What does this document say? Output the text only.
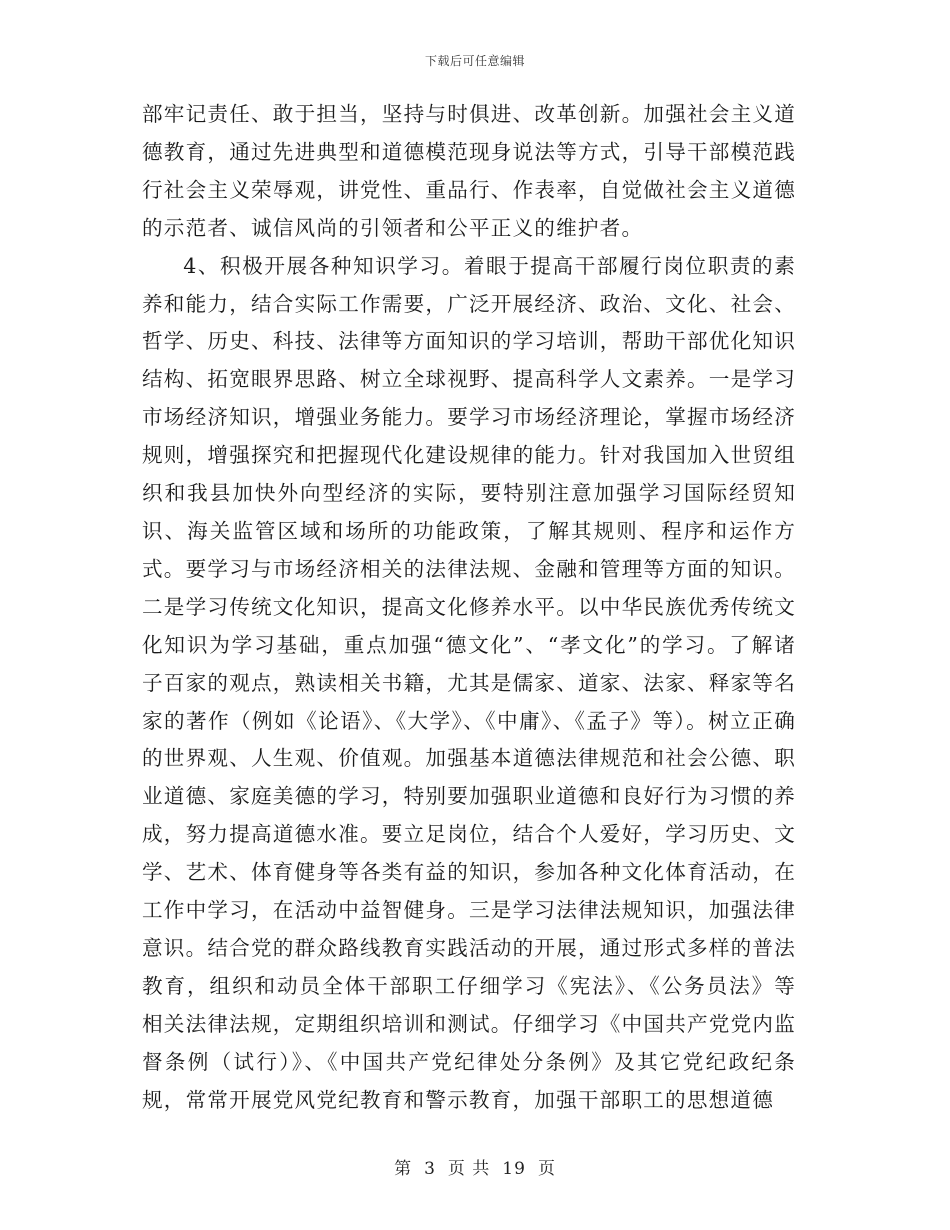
下载后可任意编辑

部牢记责任、敢于担当，坚持与时俱进、改革创新。加强社会主义道德教育，通过先进典型和道德模范现身说法等方式，引导干部模范践行社会主义荣辱观，讲党性、重品行、作表率，自觉做社会主义道德的示范者、诚信风尚的引领者和公平正义的维护者。

4、积极开展各种知识学习。着眼于提高干部履行岗位职责的素养和能力，结合实际工作需要，广泛开展经济、政治、文化、社会、哲学、历史、科技、法律等方面知识的学习培训，帮助干部优化知识结构、拓宽眼界思路、树立全球视野、提高科学人文素养。一是学习市场经济知识，增强业务能力。要学习市场经济理论，掌握市场经济规则，增强探究和把握现代化建设规律的能力。针对我国加入世贸组织和我县加快外向型经济的实际，要特别注意加强学习国际经贸知识、海关监管区域和场所的功能政策，了解其规则、程序和运作方式。要学习与市场经济相关的法律法规、金融和管理等方面的知识。二是学习传统文化知识，提高文化修养水平。以中华民族优秀传统文化知识为学习基础，重点加强“德文化”、“孝文化”的学习。了解诸子百家的观点，熟读相关书籍，尤其是儒家、道家、法家、释家等名家的著作（例如《论语》、《大学》、《中庸》、《孟子》等）。树立正确的世界观、人生观、价值观。加强基本道德法律规范和社会公德、职业道德、家庭美德的学习，特别要加强职业道德和良好行为习惯的养成，努力提高道德水准。要立足岗位，结合个人爱好，学习历史、文学、艺术、体育健身等各类有益的知识，参加各种文化体育活动，在工作中学习，在活动中益智健身。三是学习法律法规知识，加强法律意识。结合党的群众路线教育实践活动的开展，通过形式多样的普法教育，组织和动员全体干部职工仔细学习《宪法》、《公务员法》等相关法律法规，定期组织培训和测试。仔细学习《中国共产党党内监督条例（试行）》、《中国共产党纪律处分条例》及其它党纪政纪条规，常常开展党风党纪教育和警示教育，加强干部职工的思想道德

第 3 页 共 19 页
